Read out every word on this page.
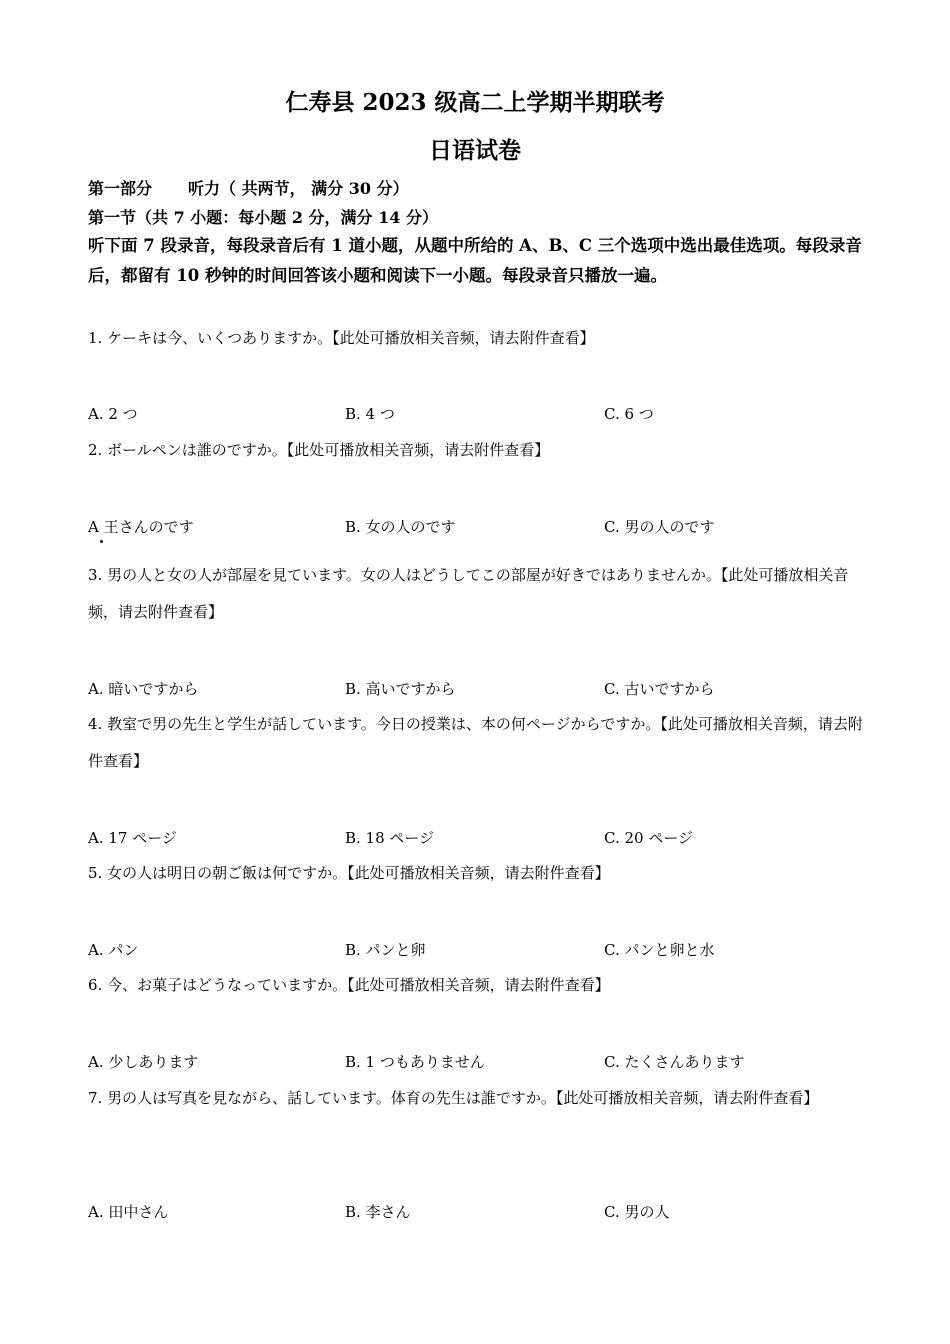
仁寿县 2023 级高二上学期半期联考
日语试卷
第一部分 听力（ 共两节， 满分 30 分）
第一节（共 7 小题：每小题 2 分，满分 14 分）
听下面 7 段录音，每段录音后有 1 道小题，从题中所给的 A、B、C 三个选项中选出最佳选项。每段录音后，都留有 10 秒钟的时间回答该小题和阅读下一小题。每段录音只播放一遍。
1. ケーキは今、いくつありますか。【此处可播放相关音频，请去附件查看】
A. 2 つ	B. 4 つ	C. 6 つ
2. ボールペンは誰のですか。【此处可播放相关音频，请去附件查看】
A 王さんのです	B. 女の人のです	C. 男の人のです
3. 男の人と女の人が部屋を見ています。女の人はどうしてこの部屋が好きではありませんか。【此处可播放相关音频，请去附件查看】
A. 暗いですから	B. 高いですから	C. 古いですから
4. 教室で男の先生と学生が話しています。今日の授業は、本の何ページからですか。【此处可播放相关音频，请去附件查看】
A. 17 ページ	B. 18 ページ	C. 20 ページ
5. 女の人は明日の朝ご飯は何ですか。【此处可播放相关音频，请去附件查看】
A. パン	B. パンと卵	C. パンと卵と水
6. 今、お菓子はどうなっていますか。【此处可播放相关音频，请去附件查看】
A. 少しあります	B. 1 つもありません	C. たくさんあります
7. 男の人は写真を見ながら、話しています。体育の先生は誰ですか。【此处可播放相关音频，请去附件查看】
A. 田中さん	B. 李さん	C. 男の人
